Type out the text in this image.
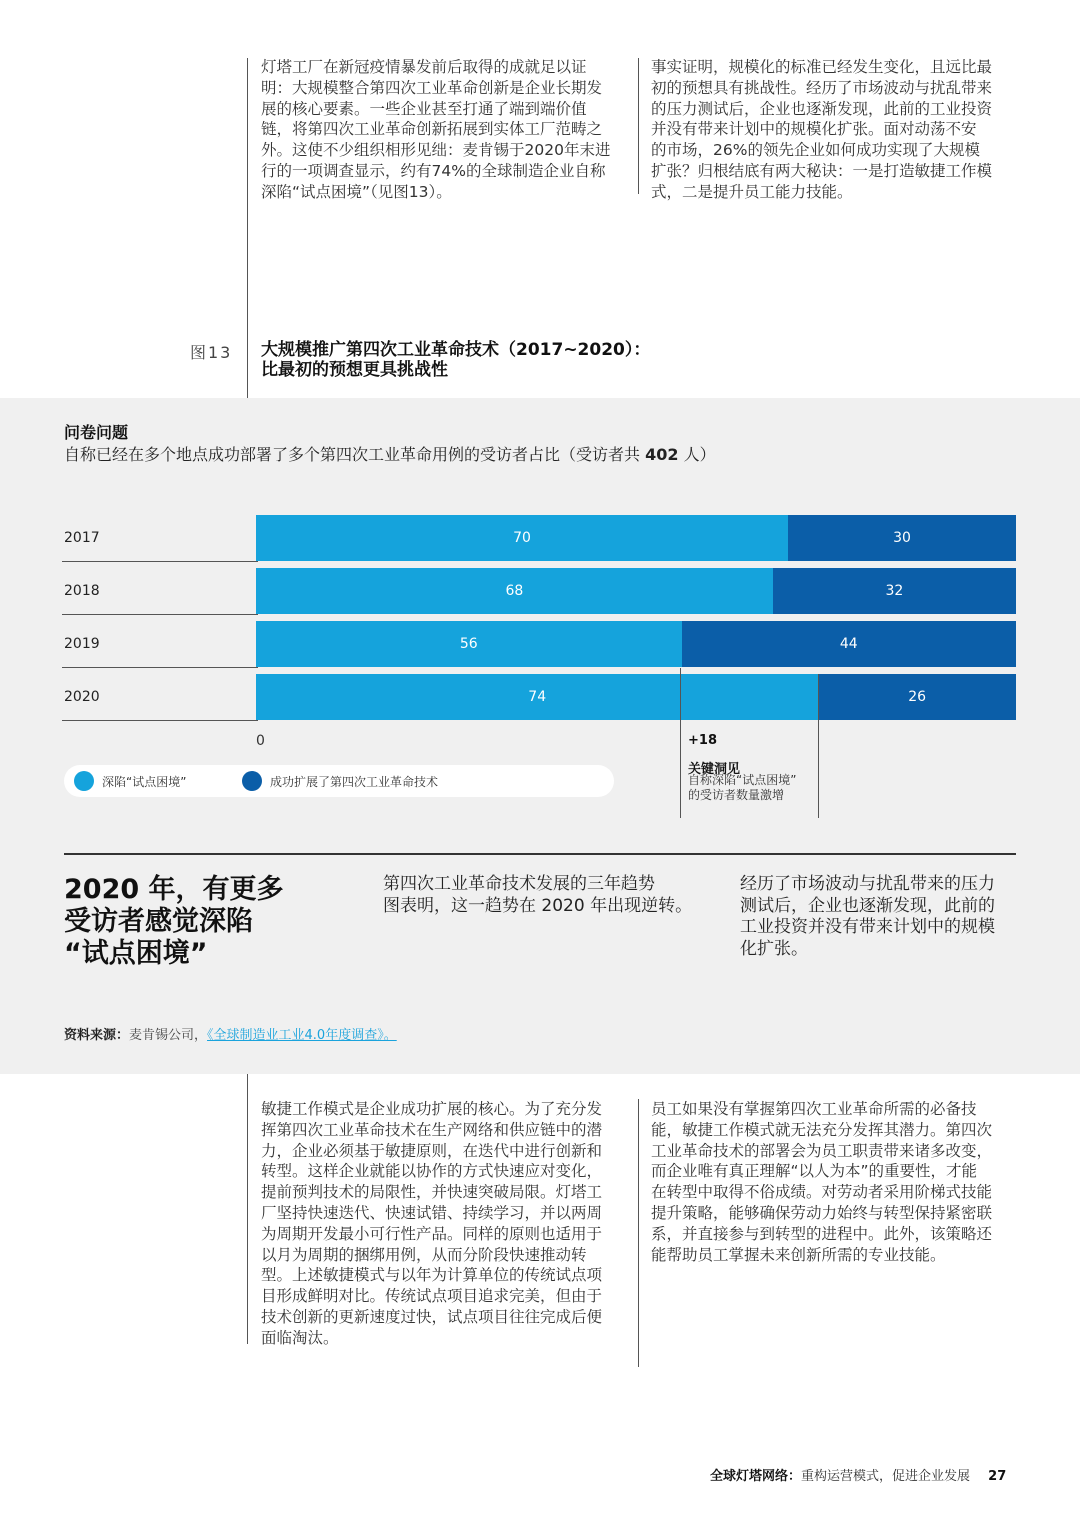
灯塔工厂在新冠疫情暴发前后取得的成就足以证
明：大规模整合第四次工业革命创新是企业长期发
展的核心要素。一些企业甚至打通了端到端价值
链，将第四次工业革命创新拓展到实体工厂范畴之
外。这使不少组织相形见绌：麦肯锡于2020年末进
行的一项调查显示，约有74%的全球制造企业自称
深陷“试点困境”（见图13）。
事实证明，规模化的标准已经发生变化，且远比最
初的预想具有挑战性。经历了市场波动与扰乱带来
的压力测试后，企业也逐渐发现，此前的工业投资
并没有带来计划中的规模化扩张。面对动荡不安
的市场，26%的领先企业如何成功实现了大规模
扩张？归根结底有两大秘诀：一是打造敏捷工作模
式，二是提升员工能力技能。
图13 大规模推广第四次工业革命技术（2017~2020）：
比最初的预想更具挑战性
问卷问题
自称已经在多个地点成功部署了多个第四次工业革命用例的受访者占比（受访者共 402 人）
2017	70	30
2018	68	32
2019	56	44
2020	74	26
0	+18
关键洞见
自称深陷“试点困境”
的受访者数量激增
深陷“试点困境”	成功扩展了第四次工业革命技术
2020 年，有更多
受访者感觉深陷
“试点困境”
第四次工业革命技术发展的三年趋势
图表明，这一趋势在 2020 年出现逆转。
经历了市场波动与扰乱带来的压力
测试后，企业也逐渐发现，此前的
工业投资并没有带来计划中的规模
化扩张。
资料来源：麦肯锡公司，《全球制造业工业4.0年度调查》。
敏捷工作模式是企业成功扩展的核心。为了充分发
挥第四次工业革命技术在生产网络和供应链中的潜
力，企业必须基于敏捷原则，在迭代中进行创新和
转型。这样企业就能以协作的方式快速应对变化，
提前预判技术的局限性，并快速突破局限。灯塔工
厂坚持快速迭代、快速试错、持续学习，并以两周
为周期开发最小可行性产品。同样的原则也适用于
以月为周期的捆绑用例，从而分阶段快速推动转
型。上述敏捷模式与以年为计算单位的传统试点项
目形成鲜明对比。传统试点项目追求完美，但由于
技术创新的更新速度过快，试点项目往往完成后便
面临淘汰。
员工如果没有掌握第四次工业革命所需的必备技
能，敏捷工作模式就无法充分发挥其潜力。第四次
工业革命技术的部署会为员工职责带来诸多改变，
而企业唯有真正理解“以人为本”的重要性，才能
在转型中取得不俗成绩。对劳动者采用阶梯式技能
提升策略，能够确保劳动力始终与转型保持紧密联
系，并直接参与到转型的进程中。此外，该策略还
能帮助员工掌握未来创新所需的专业技能。
全球灯塔网络：重构运营模式，促进企业发展 27
